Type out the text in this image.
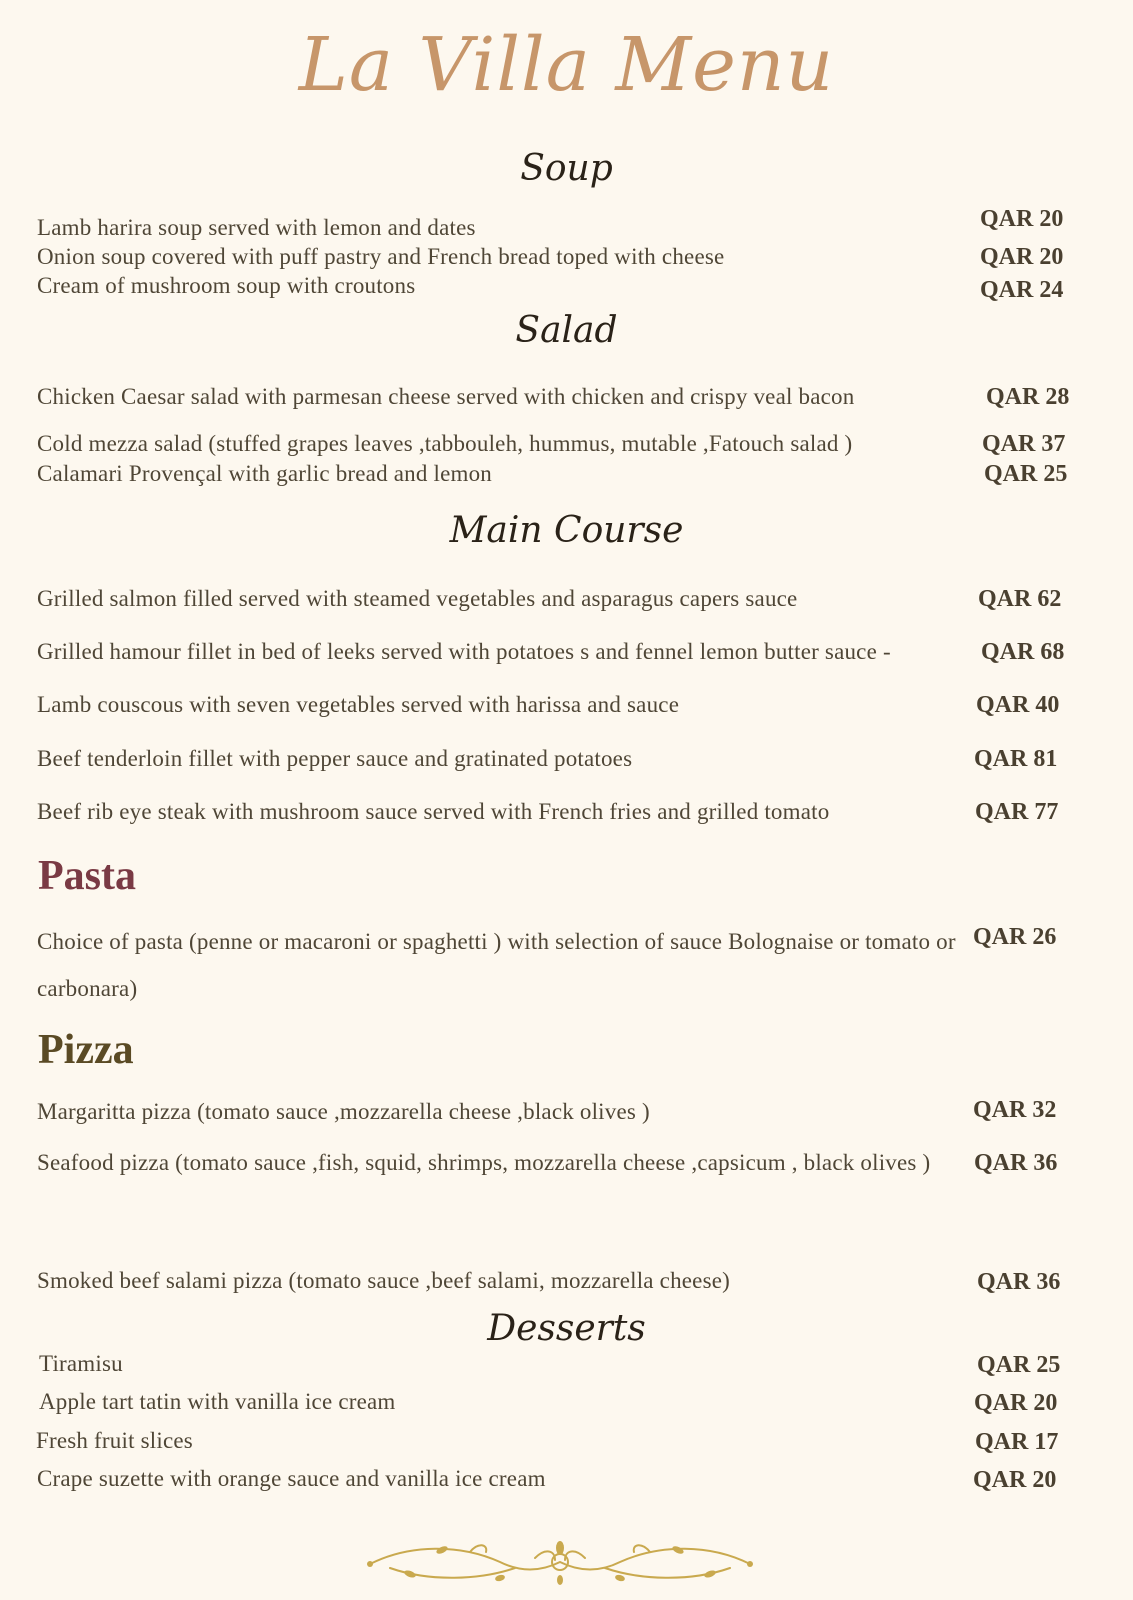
La Villa Menu
Soup
Lamb harira soup served with lemon and dates	QAR 20
Onion soup covered with puff pastry and French bread toped with cheese	QAR 20
Cream of mushroom soup with croutons	QAR 24
Salad
Chicken Caesar salad with parmesan cheese served with chicken and crispy veal bacon	QAR 28
Cold mezza salad (stuffed grapes leaves ,tabbouleh, hummus, mutable ,Fatouch salad )	QAR 37
Calamari Provençal with garlic bread and lemon	QAR 25
Main Course
Grilled salmon filled served with steamed vegetables and asparagus capers sauce	QAR 62
Grilled hamour fillet in bed of leeks served with potatoes s and fennel lemon butter sauce -	QAR 68
Lamb couscous with seven vegetables served with harissa and sauce	QAR 40
Beef tenderloin fillet with pepper sauce and gratinated potatoes	QAR 81
Beef rib eye steak with mushroom sauce served with French fries and grilled tomato	QAR 77
Pasta
Choice of pasta (penne or macaroni or spaghetti ) with selection of sauce Bolognaise or tomato or carbonara)
QAR 26
Pizza
Margaritta pizza (tomato sauce ,mozzarella cheese ,black olives )	QAR 32
Seafood pizza (tomato sauce ,fish, squid, shrimps, mozzarella cheese ,capsicum , black olives )	QAR 36
Smoked beef salami pizza (tomato sauce ,beef salami, mozzarella cheese)	QAR 36
Desserts
Tiramisu	QAR 25
Apple tart tatin with vanilla ice cream	QAR 20
Fresh fruit slices	QAR 17
Crape suzette with orange sauce and vanilla ice cream	QAR 20
